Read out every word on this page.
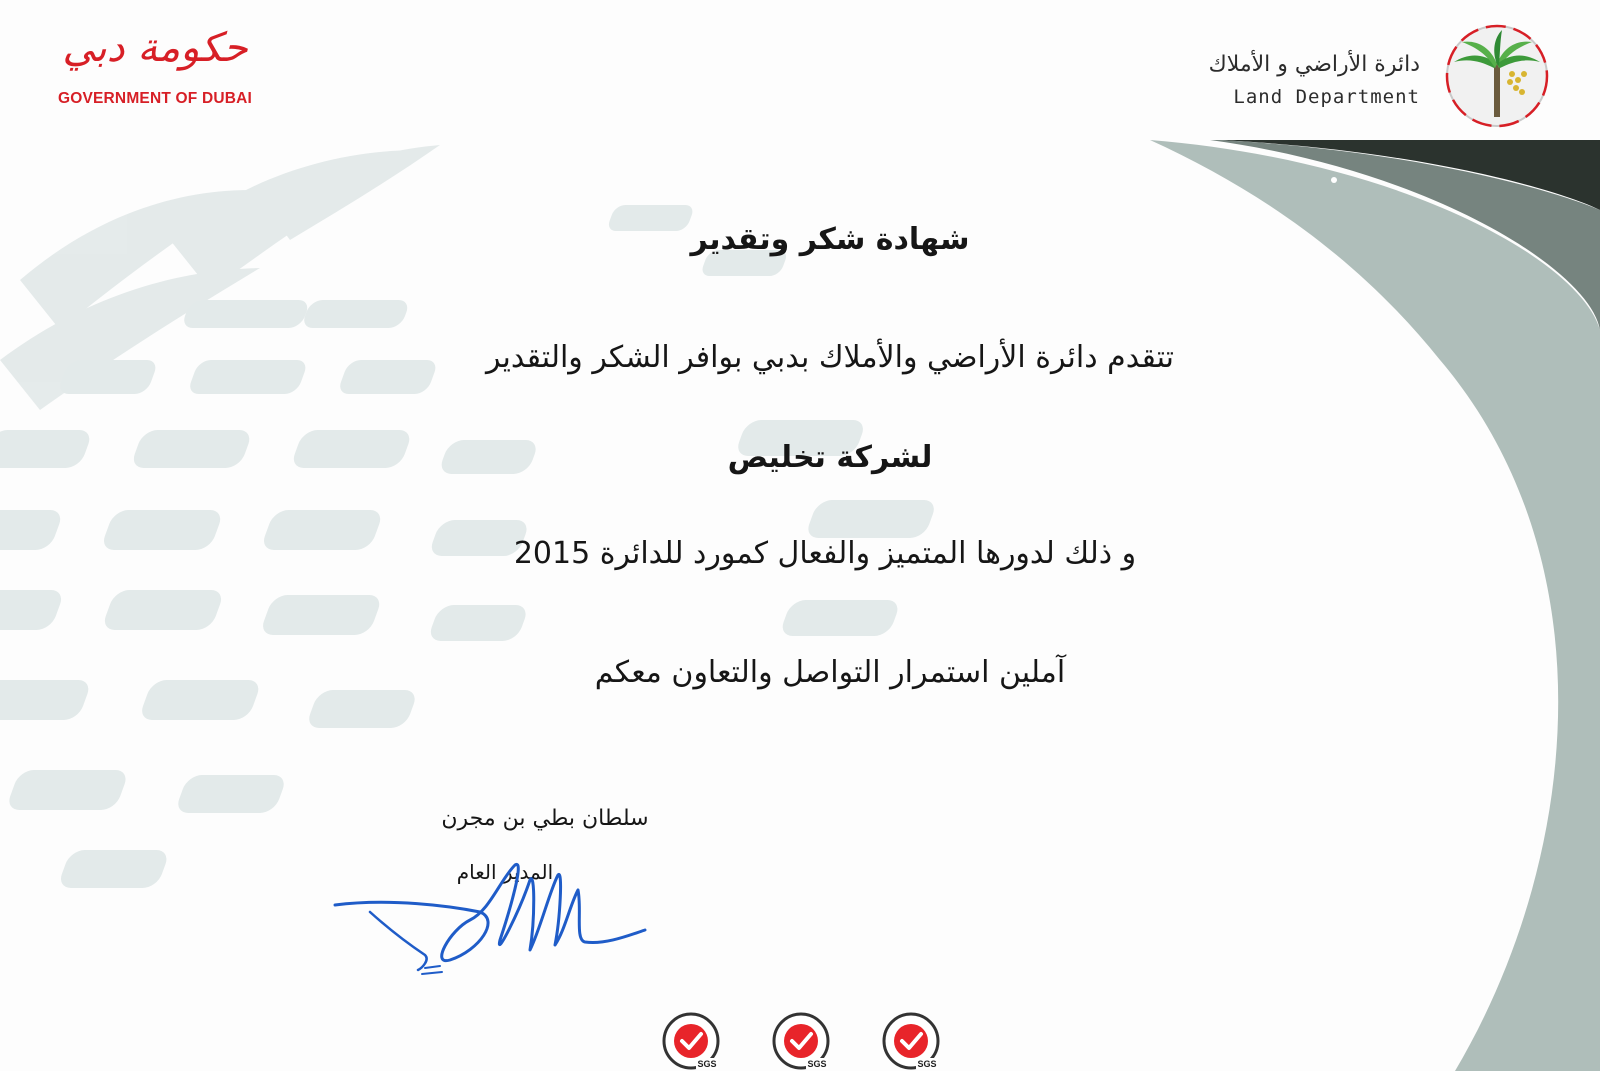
حكومة دبي
GOVERNMENT OF DUBAI
دائرة الأراضي و الأملاك
Land Department
شهادة شكر وتقدير
تتقدم دائرة الأراضي والأملاك بدبي بوافر الشكر والتقدير
لشركة تخليص
و ذلك لدورها المتميز والفعال كمورد للدائرة 2015
آملين استمرار التواصل والتعاون معكم
سلطان بطي بن مجرن
المدير العام
SGS	SGS	SGS
